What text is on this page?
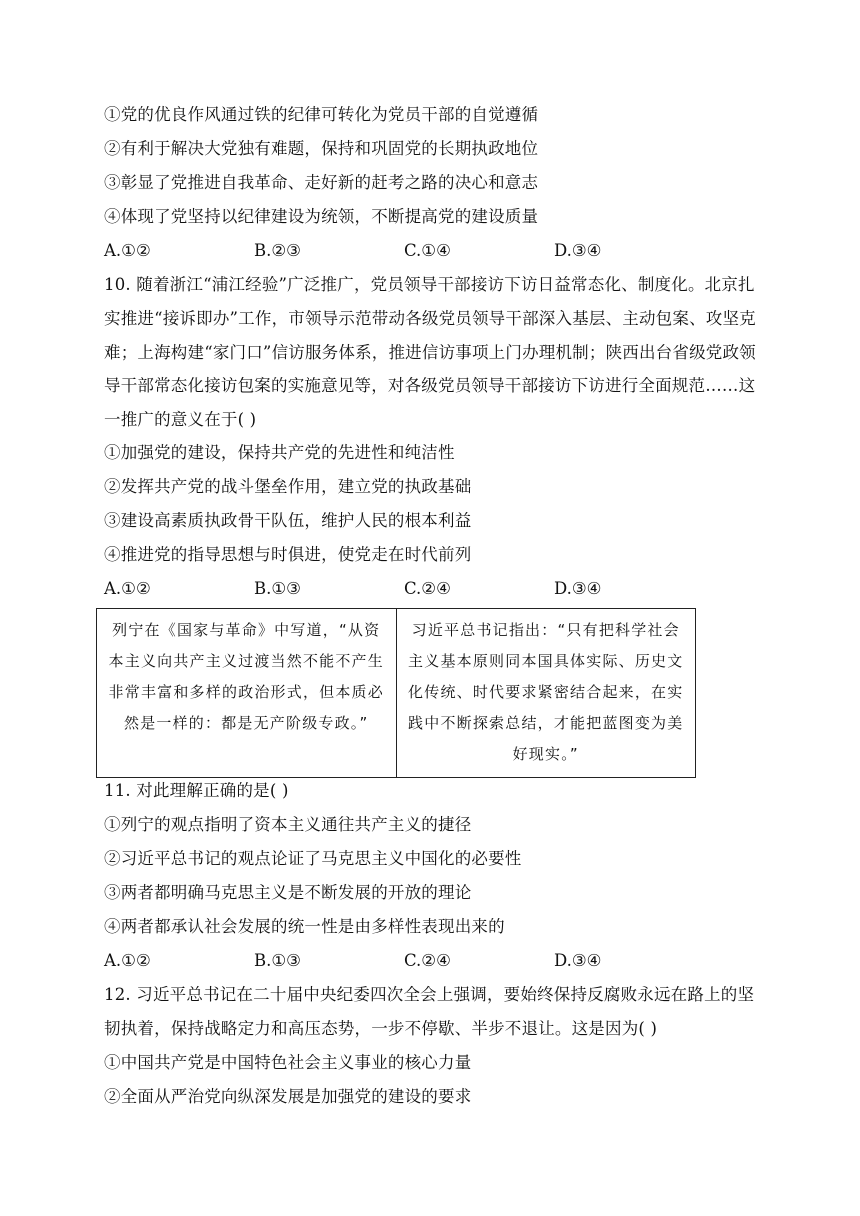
①党的优良作风通过铁的纪律可转化为党员干部的自觉遵循
②有利于解决大党独有难题，保持和巩固党的长期执政地位
③彰显了党推进自我革命、走好新的赶考之路的决心和意志
④体现了党坚持以纪律建设为统领，不断提高党的建设质量
A.①②	B.②③	C.①④	D.③④
10. 随着浙江“浦江经验”广泛推广，党员领导干部接访下访日益常态化、制度化。北京扎实推进“接诉即办”工作，市领导示范带动各级党员领导干部深入基层、主动包案、攻坚克难；上海构建“家门口”信访服务体系，推进信访事项上门办理机制；陕西出台省级党政领导干部常态化接访包案的实施意见等，对各级党员领导干部接访下访进行全面规范……这一推广的意义在于( )
①加强党的建设，保持共产党的先进性和纯洁性
②发挥共产党的战斗堡垒作用，建立党的执政基础
③建设高素质执政骨干队伍，维护人民的根本利益
④推进党的指导思想与时俱进，使党走在时代前列
A.①②	B.①③	C.②④	D.③④
列宁在《国家与革命》中写道，“从资本主义向共产主义过渡当然不能不产生非常丰富和多样的政治形式，但本质必然是一样的：都是无产阶级专政。”	习近平总书记指出：“只有把科学社会主义基本原则同本国具体实际、历史文化传统、时代要求紧密结合起来，在实践中不断探索总结，才能把蓝图变为美好现实。”
11. 对此理解正确的是( )
①列宁的观点指明了资本主义通往共产主义的捷径
②习近平总书记的观点论证了马克思主义中国化的必要性
③两者都明确马克思主义是不断发展的开放的理论
④两者都承认社会发展的统一性是由多样性表现出来的
A.①②	B.①③	C.②④	D.③④
12. 习近平总书记在二十届中央纪委四次全会上强调，要始终保持反腐败永远在路上的坚韧执着，保持战略定力和高压态势，一步不停歇、半步不退让。这是因为( )
①中国共产党是中国特色社会主义事业的核心力量
②全面从严治党向纵深发展是加强党的建设的要求
